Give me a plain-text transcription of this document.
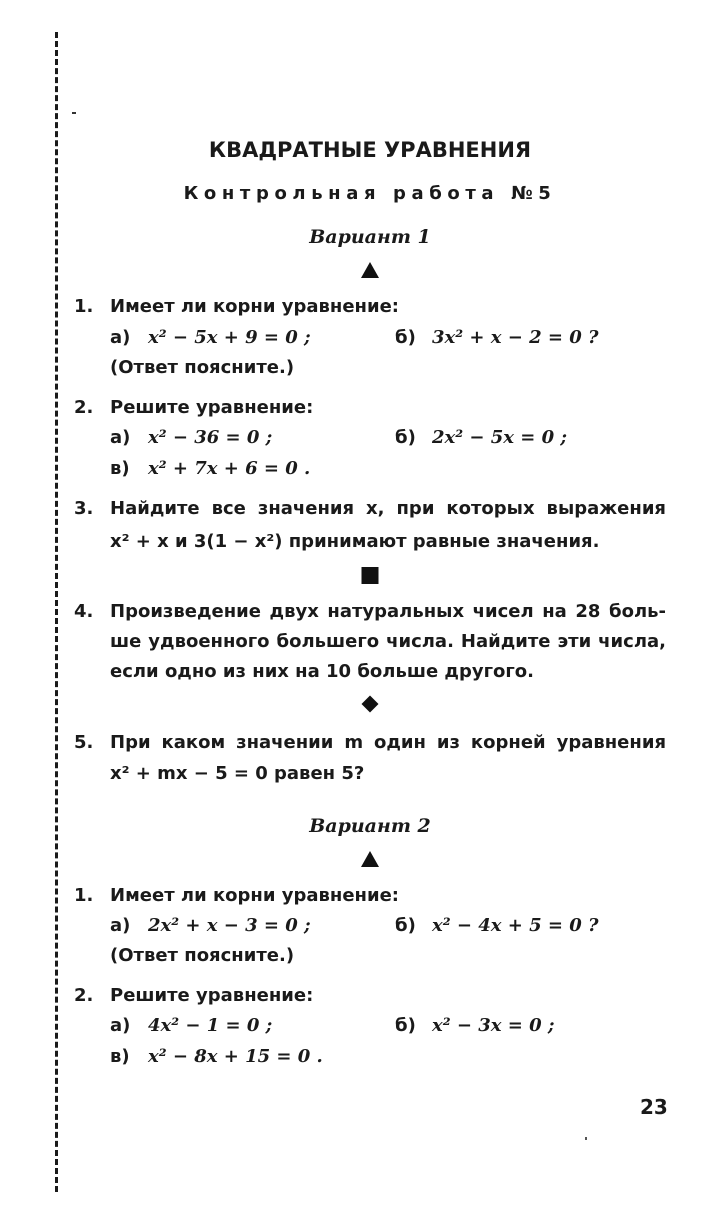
КВАДРАТНЫЕ УРАВНЕНИЯ
Контрольная работа №5
Вариант 1
1. Имеет ли корни уравнение:
а) x² − 5x + 9 = 0 ;	б) 3x² + x − 2 = 0 ?
(Ответ поясните.)
2. Решите уравнение:
а) x² − 36 = 0 ;	б) 2x² − 5x = 0 ;
в) x² + 7x + 6 = 0 .
3. Найдите все значения x, при которых выражения
x² + x и 3(1 − x²) принимают равные значения.
4. Произведение двух натуральных чисел на 28 боль-
ше удвоенного большего числа. Найдите эти числа,
если одно из них на 10 больше другого.
5. При каком значении m один из корней уравнения
x² + mx − 5 = 0 равен 5?
Вариант 2
1. Имеет ли корни уравнение:
а) 2x² + x − 3 = 0 ;	б) x² − 4x + 5 = 0 ?
(Ответ поясните.)
2. Решите уравнение:
а) 4x² − 1 = 0 ;	б) x² − 3x = 0 ;
в) x² − 8x + 15 = 0 .
23
